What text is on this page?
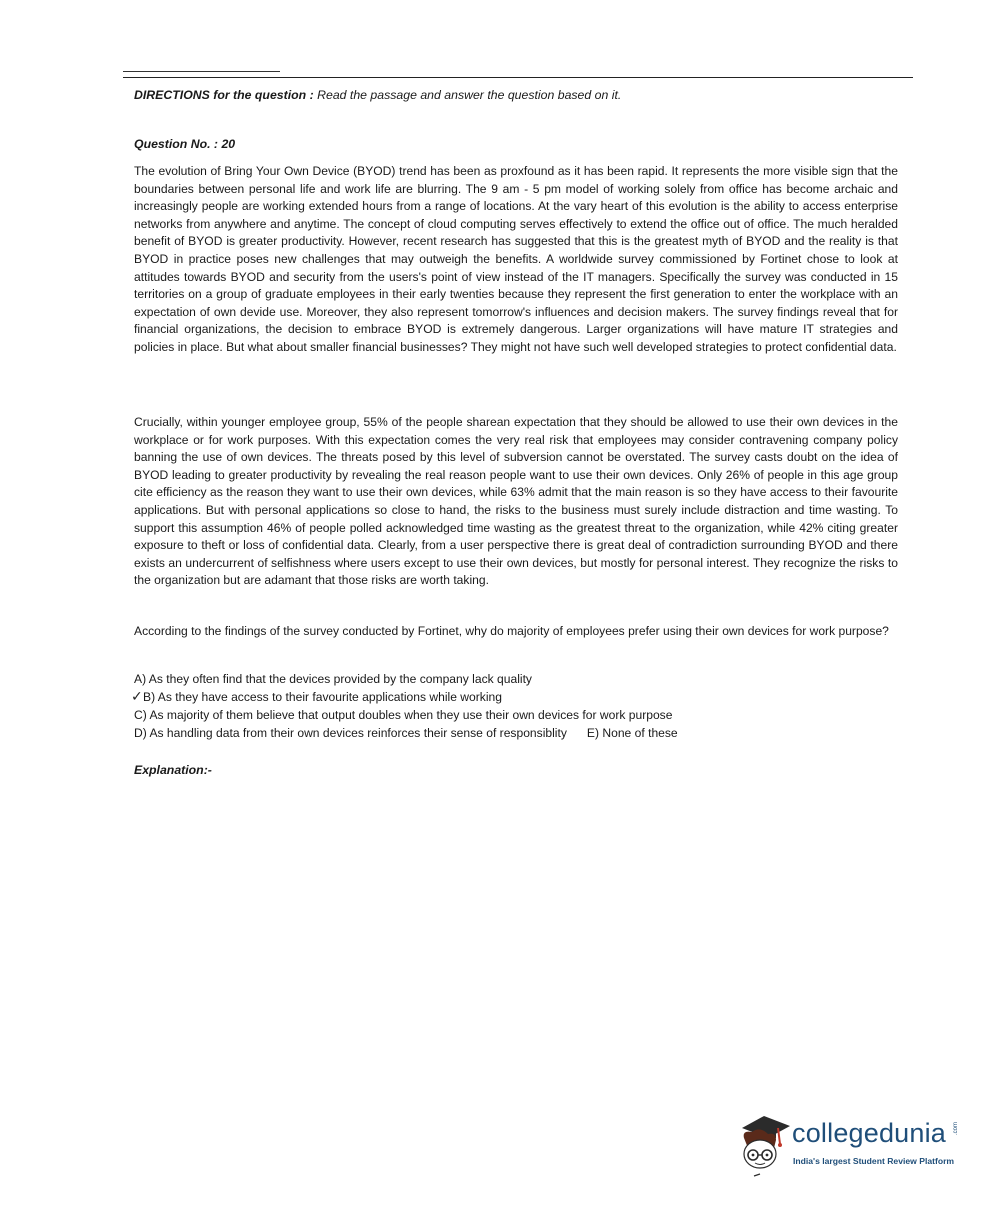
DIRECTIONS for the question : Read the passage and answer the question based on it.
Question No. : 20

The evolution of Bring Your Own Device (BYOD) trend has been as proxfound as it has been rapid. It represents the more visible sign that the boundaries between personal life and work life are blurring. The 9 am - 5 pm model of working solely from office has become archaic and increasingly people are working extended hours from a range of locations. At the vary heart of this evolution is the ability to access enterprise networks from anywhere and anytime. The concept of cloud computing serves effectively to extend the office out of office. The much heralded benefit of BYOD is greater productivity. However, recent research has suggested that this is the greatest myth of BYOD and the reality is that BYOD in practice poses new challenges that may outweigh the benefits. A worldwide survey commissioned by Fortinet chose to look at attitudes towards BYOD and security from the users's point of view instead of the IT managers. Specifically the survey was conducted in 15 territories on a group of graduate employees in their early twenties because they represent the first generation to enter the workplace with an expectation of own devide use. Moreover, they also represent tomorrow's influences and decision makers. The survey findings reveal that for financial organizations, the decision to embrace BYOD is extremely dangerous. Larger organizations will have mature IT strategies and policies in place. But what about smaller financial businesses? They might not have such well developed strategies to protect confidential data.

Crucially, within younger employee group, 55% of the people sharean expectation that they should be allowed to use their own devices in the workplace or for work purposes. With this expectation comes the very real risk that employees may consider contravening company policy banning the use of own devices. The threats posed by this level of subversion cannot be overstated. The survey casts doubt on the idea of BYOD leading to greater productivity by revealing the real reason people want to use their own devices. Only 26% of people in this age group cite efficiency as the reason they want to use their own devices, while 63% admit that the main reason is so they have access to their favourite applications. But with personal applications so close to hand, the risks to the business must surely include distraction and time wasting. To support this assumption 46% of people polled acknowledged time wasting as the greatest threat to the organization, while 42% citing greater exposure to theft or loss of confidential data. Clearly, from a user perspective there is great deal of contradiction surrounding BYOD and there exists an undercurrent of selfishness where users except to use their own devices, but mostly for personal interest. They recognize the risks to the organization but are adamant that those risks are worth taking.

According to the findings of the survey conducted by Fortinet, why do majority of employees prefer using their own devices for work purpose?

A) As they often find that the devices provided by the company lack quality
✓ B) As they have access to their favourite applications while working
C) As majority of them believe that output doubles when they use their own devices for work purpose
D) As handling data from their own devices reinforces their sense of responsiblity E) None of these
Explanation:-
collegedunia .com
India's largest Student Review Platform
